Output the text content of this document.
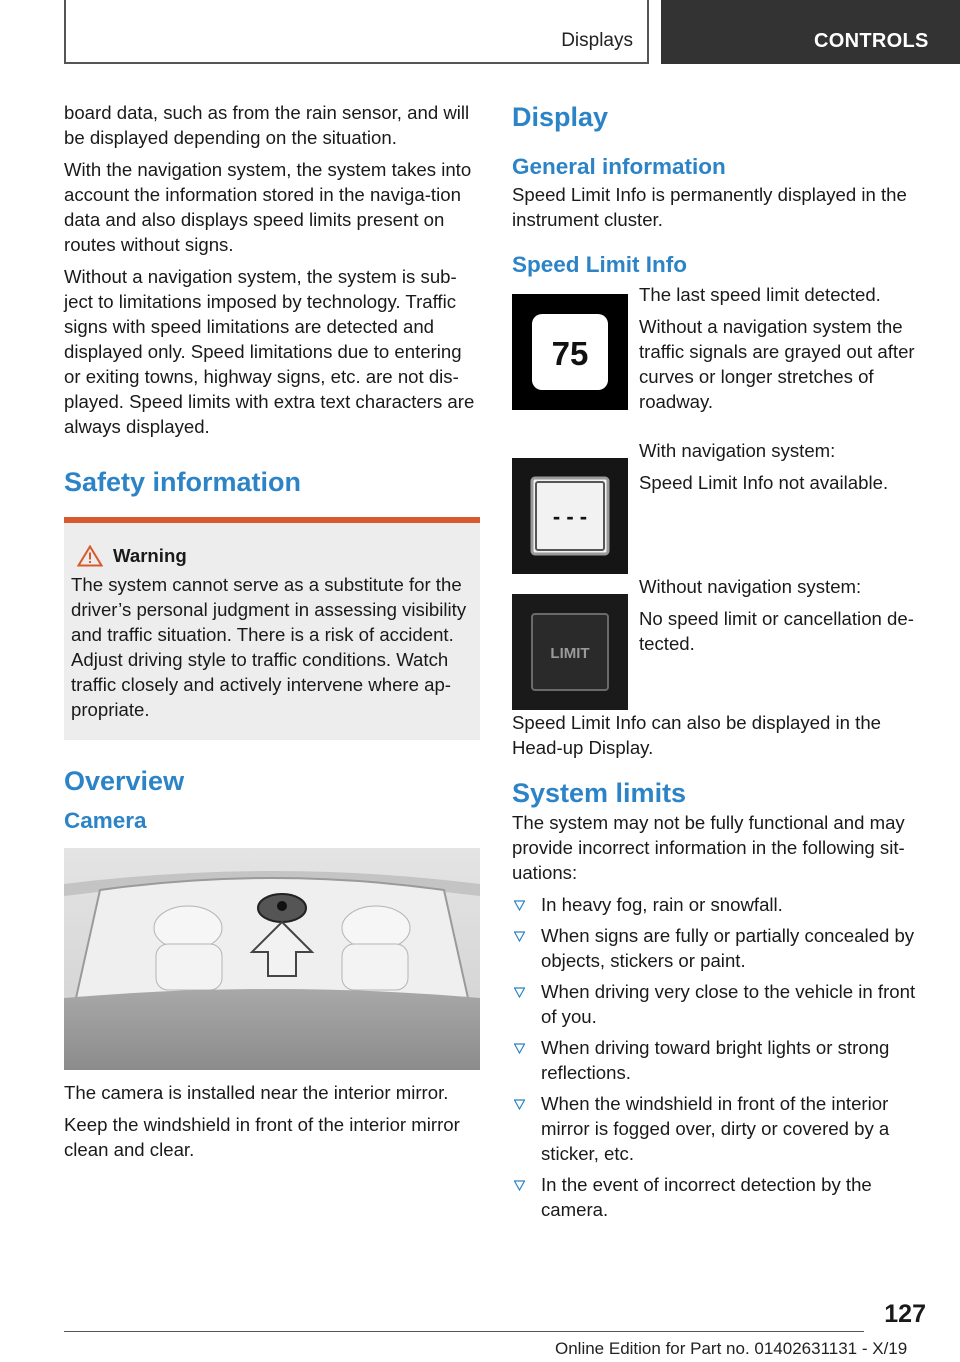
Displays	CONTROLS

board data, such as from the rain sensor, and will be displayed depending on the situation.

With the navigation system, the system takes into account the information stored in the naviga‐tion data and also displays speed limits present on routes without signs.

Without a navigation system, the system is sub‐ject to limitations imposed by technology. Traffic signs with speed limitations are detected and displayed only. Speed limitations due to entering or exiting towns, highway signs, etc. are not dis‐played. Speed limits with extra text characters are always displayed.

Safety information
Warning
The system cannot serve as a substitute for the driver’s personal judgment in assessing visibility and traffic situation. There is a risk of accident. Adjust driving style to traffic conditions. Watch traffic closely and actively intervene where ap‐propriate.
Overview
Camera

The camera is installed near the interior mirror.

Keep the windshield in front of the interior mirror clean and clear.

Display
General information

Speed Limit Info is permanently displayed in the instrument cluster.

Speed Limit Info
75

The last speed limit detected.

Without a navigation system the traffic signals are grayed out after curves or longer stretches of roadway.

- - -

With navigation system:

Speed Limit Info not available.

LIMIT

Without navigation system:

No speed limit or cancellation de‐tected.

Speed Limit Info can also be displayed in the Head-up Display.

System limits

The system may not be fully functional and may provide incorrect information in the following sit‐uations:

In heavy fog, rain or snowfall.
When signs are fully or partially concealed by objects, stickers or paint.
When driving very close to the vehicle in front of you.
When driving toward bright lights or strong reflections.
When the windshield in front of the interior mirror is fogged over, dirty or covered by a sticker, etc.
In the event of incorrect detection by the camera.
127
Online Edition for Part no. 01402631131 - X/19
